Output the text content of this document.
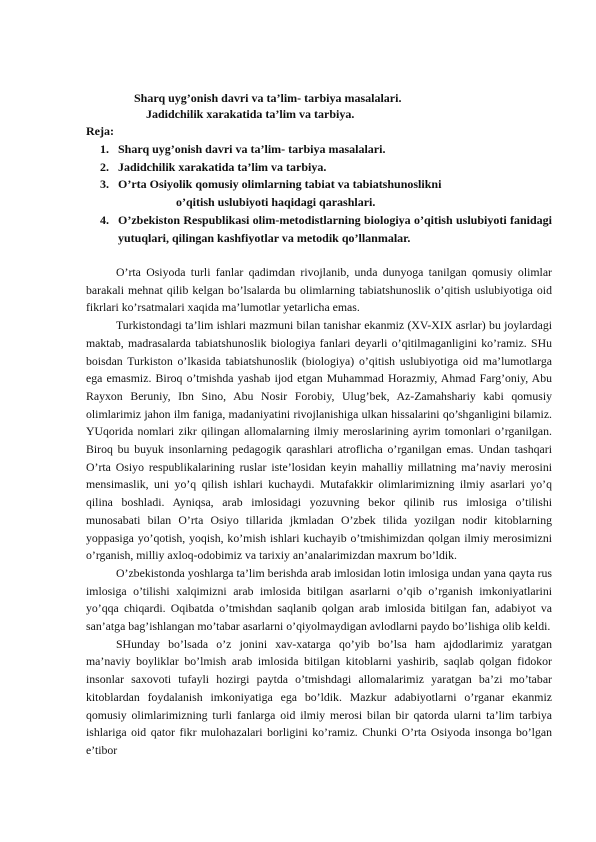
Sharq uyg’onish davri va ta’lim- tarbiya masalalari.
Jadidchilik xarakatida ta’lim va tarbiya.
Reja:
1. Sharq uyg’onish davri va ta’lim- tarbiya masalalari.
2. Jadidchilik xarakatida ta’lim va tarbiya.
3. O’rta Osiyolik qomusiy olimlarning tabiat va tabiatshunoslikni
o’qitish uslubiyoti haqidagi qarashlari.
4. O’zbekiston Respublikasi olim-metodistlarning biologiya o’qitish uslubiyoti fanidagi yutuqlari, qilingan kashfiyotlar va metodik qo’llanmalar.

O’rta Osiyoda turli fanlar qadimdan rivojlanib, unda dunyoga tanilgan qomusiy olimlar barakali mehnat qilib kelgan bo’lsalarda bu olimlarning tabiatshunoslik o’qitish uslubiyotiga oid fikrlari ko’rsatmalari xaqida ma’lumotlar yetarlicha emas.

Turkistondagi ta’lim ishlari mazmuni bilan tanishar ekanmiz (XV-XIX asrlar) bu joylardagi maktab, madrasalarda tabiatshunoslik biologiya fanlari deyarli o’qitilmaganligini ko’ramiz. SHu boisdan Turkiston o’lkasida tabiatshunoslik (biologiya) o’qitish uslubiyotiga oid ma’lumotlarga ega emasmiz. Biroq o’tmishda yashab ijod etgan Muhammad Horazmiy, Ahmad Farg’oniy, Abu Rayxon Beruniy, Ibn Sino, Abu Nosir Forobiy, Ulug’bek, Az-Zamahshariy kabi qomusiy olimlarimiz jahon ilm faniga, madaniyatini rivojlanishiga ulkan hissalarini qo’shganligini bilamiz. YUqorida nomlari zikr qilingan allomalarning ilmiy meroslarining ayrim tomonlari o’rganilgan. Biroq bu buyuk insonlarning pedagogik qarashlari atroflicha o’rganilgan emas. Undan tashqari O’rta Osiyo respublikalarining ruslar iste’losidan keyin mahalliy millatning ma’naviy merosini mensimaslik, uni yo’q qilish ishlari kuchaydi. Mutafakkir olimlarimizning ilmiy asarlari yo’q qilina boshladi. Ayniqsa, arab imlosidagi yozuvning bekor qilinib rus imlosiga o’tilishi munosabati bilan O’rta Osiyo tillarida jkmladan O’zbek tilida yozilgan nodir kitoblarning yoppasiga yo’qotish, yoqish, ko’mish ishlari kuchayib o’tmishimizdan qolgan ilmiy merosimizni o’rganish, milliy axloq-odobimiz va tarixiy an’analarimizdan maxrum bo’ldik.

O’zbekistonda yoshlarga ta’lim berishda arab imlosidan lotin imlosiga undan yana qayta rus imlosiga o’tilishi xalqimizni arab imlosida bitilgan asarlarni o’qib o’rganish imkoniyatlarini yo’qqa chiqardi. Oqibatda o’tmishdan saqlanib qolgan arab imlosida bitilgan fan, adabiyot va san’atga bag’ishlangan mo’tabar asarlarni o’qiyolmaydigan avlodlarni paydo bo’lishiga olib keldi.

SHunday bo’lsada o’z jonini xav-xatarga qo’yib bo’lsa ham ajdodlarimiz yaratgan ma’naviy boyliklar bo’lmish arab imlosida bitilgan kitoblarni yashirib, saqlab qolgan fidokor insonlar saxovoti tufayli hozirgi paytda o’tmishdagi allomalarimiz yaratgan ba’zi mo’tabar kitoblardan foydalanish imkoniyatiga ega bo’ldik. Mazkur adabiyotlarni o’rganar ekanmiz qomusiy olimlarimizning turli fanlarga oid ilmiy merosi bilan bir qatorda ularni ta’lim tarbiya ishlariga oid qator fikr mulohazalari borligini ko’ramiz. Chunki O’rta Osiyoda insonga bo’lgan e’tibor
